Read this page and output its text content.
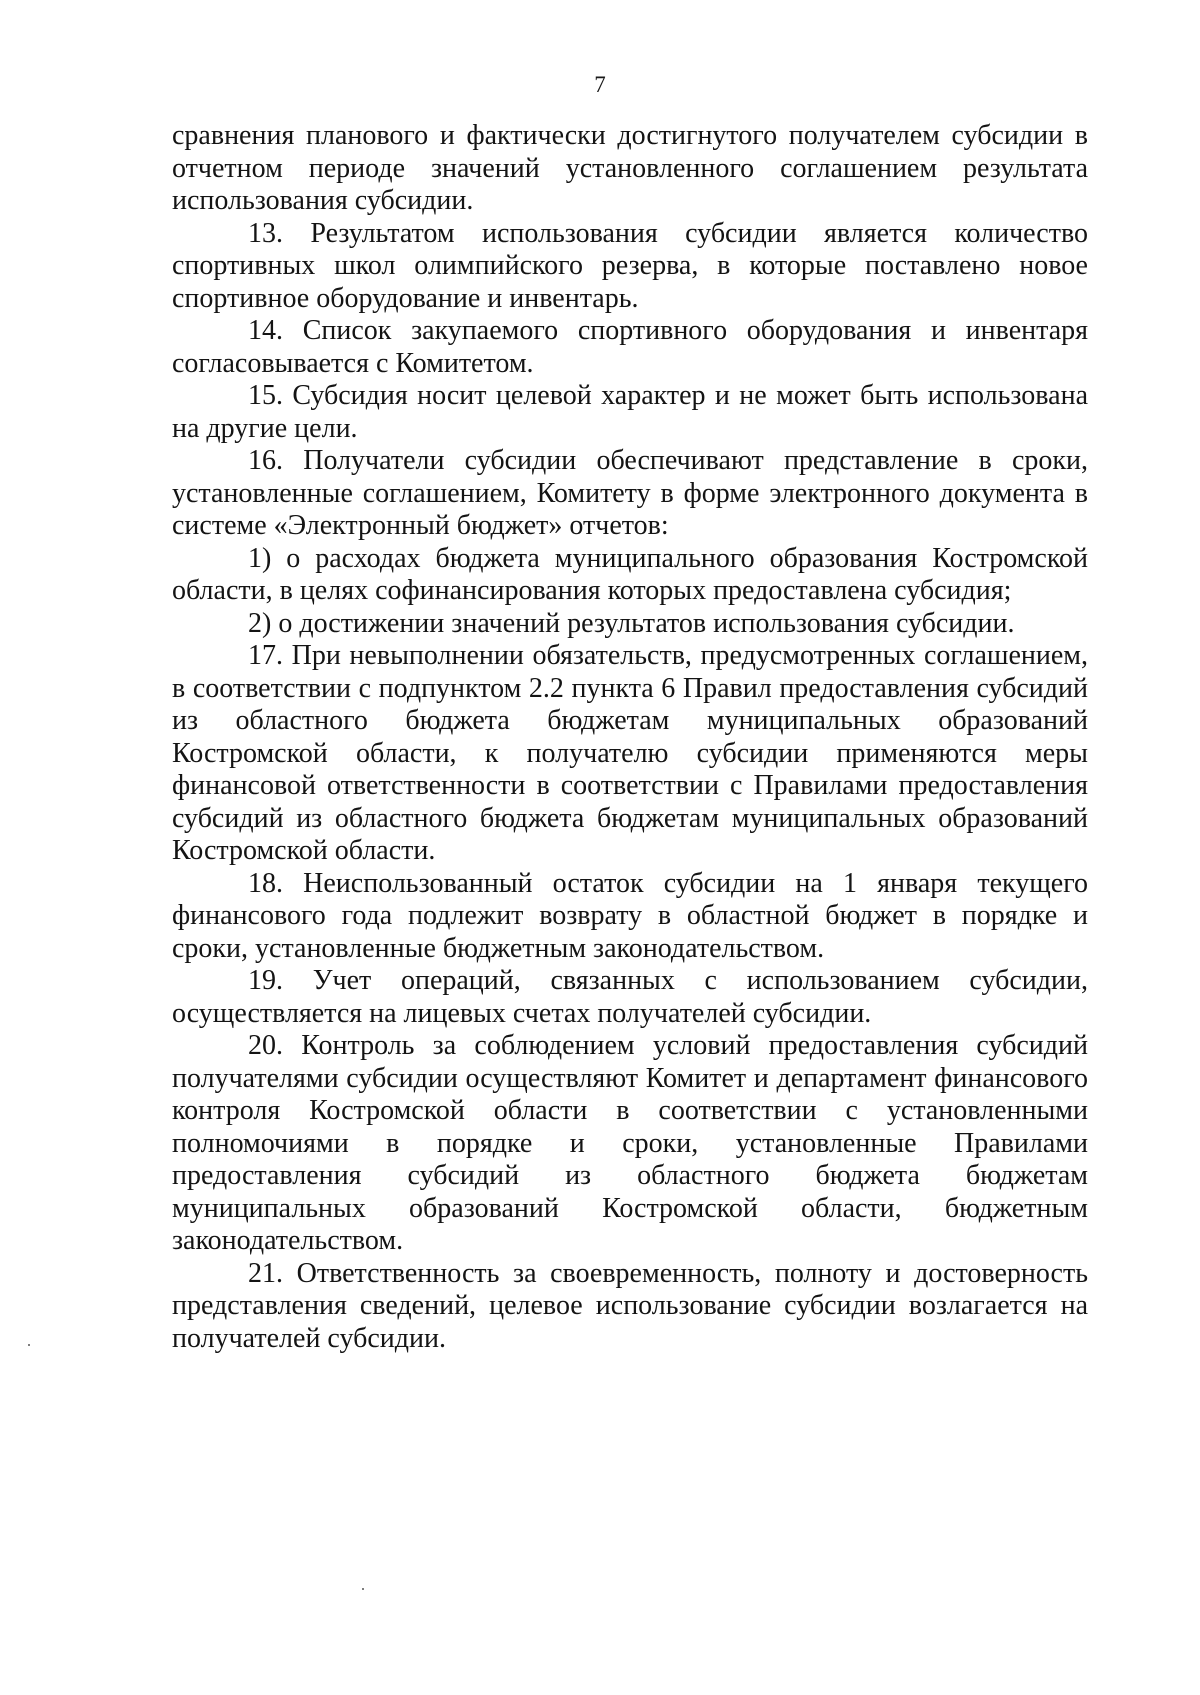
7

сравнения планового и фактически достигнутого получателем субсидии в отчетном периоде значений установленного соглашением результата использования субсидии.

13. Результатом использования субсидии является количество спортивных школ олимпийского резерва, в которые поставлено новое спортивное оборудование и инвентарь.

14. Список закупаемого спортивного оборудования и инвентаря согласовывается с Комитетом.

15. Субсидия носит целевой характер и не может быть использована на другие цели.

16. Получатели субсидии обеспечивают представление в сроки, установленные соглашением, Комитету в форме электронного документа в системе «Электронный бюджет» отчетов:

1) о расходах бюджета муниципального образования Костромской области, в целях софинансирования которых предоставлена субсидия;

2) о достижении значений результатов использования субсидии.

17. При невыполнении обязательств, предусмотренных соглашением, в соответствии с подпунктом 2.2 пункта 6 Правил предоставления субсидий из областного бюджета бюджетам муниципальных образований Костромской области, к получателю субсидии применяются меры финансовой ответственности в соответствии с Правилами предоставления субсидий из областного бюджета бюджетам муниципальных образований Костромской области.

18. Неиспользованный остаток субсидии на 1 января текущего финансового года подлежит возврату в областной бюджет в порядке и сроки, установленные бюджетным законодательством.

19. Учет операций, связанных с использованием субсидии, осуществляется на лицевых счетах получателей субсидии.

20. Контроль за соблюдением условий предоставления субсидий получателями субсидии осуществляют Комитет и департамент финансового контроля Костромской области в соответствии с установленными полномочиями в порядке и сроки, установленные Правилами предоставления субсидий из областного бюджета бюджетам муниципальных образований Костромской области, бюджетным законодательством.

21. Ответственность за своевременность, полноту и достоверность представления сведений, целевое использование субсидии возлагается на получателей субсидии.
